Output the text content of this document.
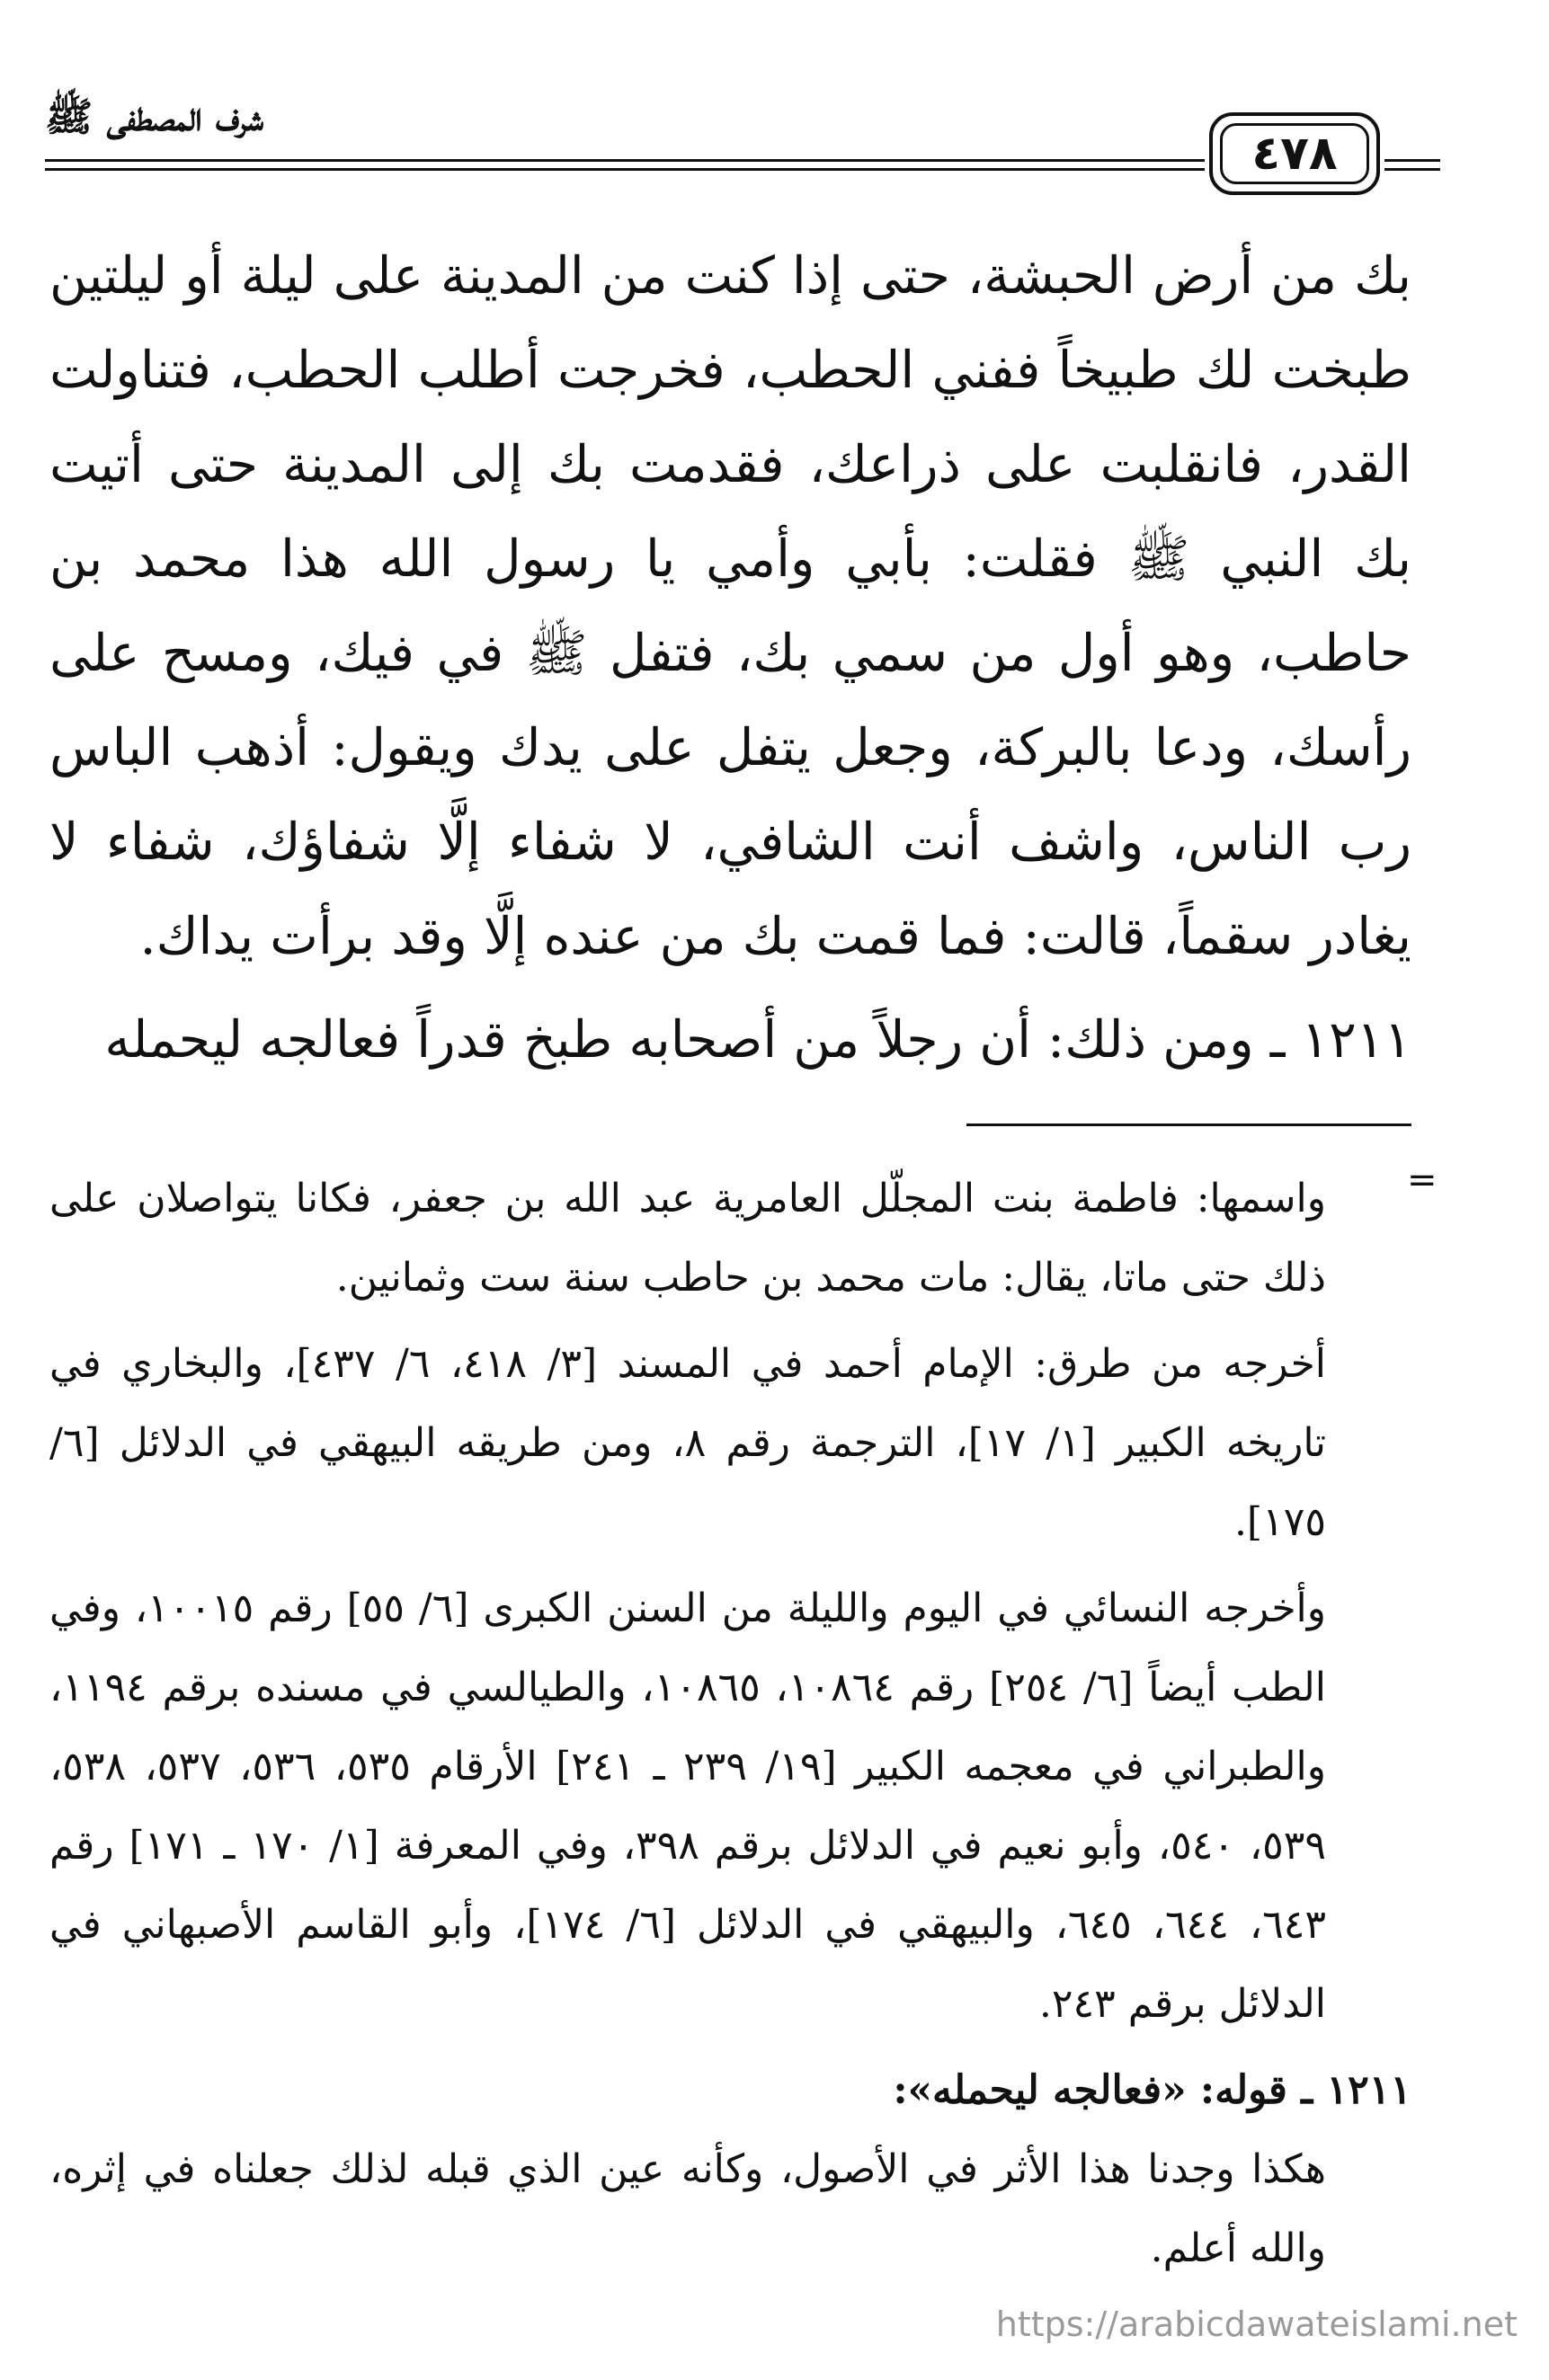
شرف المصطفى ﷺ
٤٧٨

بك من أرض الحبشة، حتى إذا كنت من المدينة على ليلة أو ليلتين طبخت لك طبيخاً ففني الحطب، فخرجت أطلب الحطب، فتناولت القدر، فانقلبت على ذراعك، فقدمت بك إلى المدينة حتى أتيت بك النبي ﷺ فقلت: بأبي وأمي يا رسول الله هذا محمد بن حاطب، وهو أول من سمي بك، فتفل ﷺ في فيك، ومسح على رأسك، ودعا بالبركة، وجعل يتفل على يدك ويقول: أذهب الباس رب الناس، واشف أنت الشافي، لا شفاء إلَّا شفاؤك، شفاء لا يغادر سقماً، قالت: فما قمت بك من عنده إلَّا وقد برأت يداك.

١٢١١ ـ ومن ذلك: أن رجلاً من أصحابه طبخ قدراً فعالجه ليحمله

=

واسمها: فاطمة بنت المجلّل العامرية عبد الله بن جعفر، فكانا يتواصلان على ذلك حتى ماتا، يقال: مات محمد بن حاطب سنة ست وثمانين.

أخرجه من طرق: الإمام أحمد في المسند [٣/ ٤١٨، ٦/ ٤٣٧]، والبخاري في تاريخه الكبير [١/ ١٧]، الترجمة رقم ٨، ومن طريقه البيهقي في الدلائل [٦/ ١٧٥].

وأخرجه النسائي في اليوم والليلة من السنن الكبرى [٦/ ٥٥] رقم ١٠٠١٥، وفي الطب أيضاً [٦/ ٢٥٤] رقم ١٠٨٦٤، ١٠٨٦٥، والطيالسي في مسنده برقم ١١٩٤، والطبراني في معجمه الكبير [١٩/ ٢٣٩ ـ ٢٤١] الأرقام ٥٣٥، ٥٣٦، ٥٣٧، ٥٣٨، ٥٣٩، ٥٤٠، وأبو نعيم في الدلائل برقم ٣٩٨، وفي المعرفة [١/ ١٧٠ ـ ١٧١] رقم ٦٤٣، ٦٤٤، ٦٤٥، والبيهقي في الدلائل [٦/ ١٧٤]، وأبو القاسم الأصبهاني في الدلائل برقم ٢٤٣.

١٢١١ ـ قوله: «فعالجه ليحمله»:

هكذا وجدنا هذا الأثر في الأصول، وكأنه عين الذي قبله لذلك جعلناه في إثره، والله أعلم.

https://arabicdawateislami.net
